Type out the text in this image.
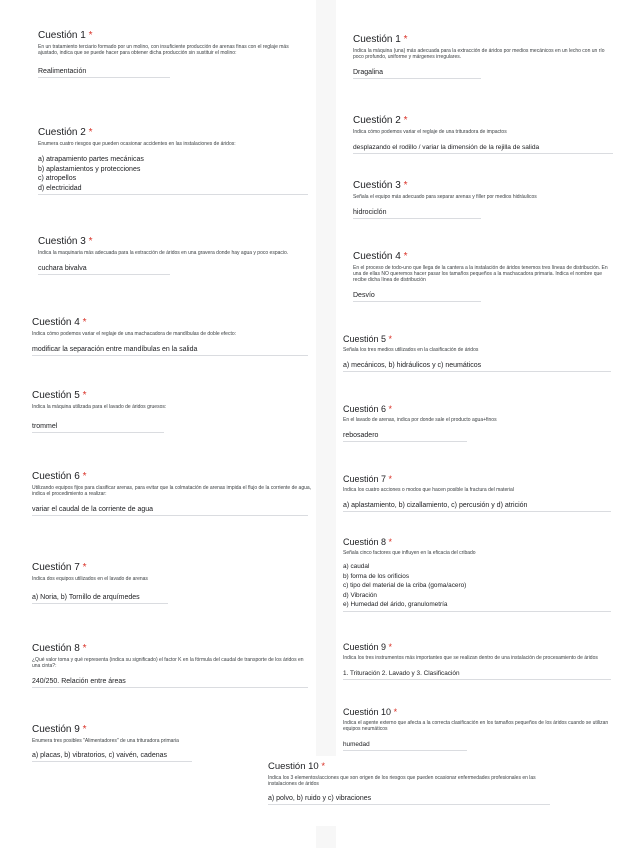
Cuestión 1 *
En un tratamiento terciario formado por un molino, con insuficiente producción de arenas finas con el reglaje más ajustado, indica que se puede hacer para obtener dicha producción sin sustituir el molino:
Realimentación
Cuestión 2 *
Enumera cuatro riesgos que pueden ocasionar accidentes en las instalaciones de áridos:
a) atrapamiento partes mecánicas
b) aplastamientos y protecciones
c) atropellos
d) electricidad
Cuestión 3 *
Indica la maquinaria más adecuada para la extracción de áridos en una gravera donde hay agua y poco espacio.
cuchara bivalva
Cuestión 4 *
Indica cómo podemos variar el reglaje de una machacadora de mandíbulas de doble efecto:
modificar la separación entre mandíbulas en la salida
Cuestión 5 *
Indica la máquina utilizada para el lavado de áridos gruesos:
trommel
Cuestión 6 *
Utilizando equipos fijos para clasificar arenas, para evitar que la colmatación de arenas impida el flujo de la corriente de agua, indica el procedimiento a realizar:
variar el caudal de la corriente de agua
Cuestión 7 *
Indica dos equipos utilizados en el lavado de arenas
a) Noria, b) Tornillo de arquímedes
Cuestión 8 *
¿Qué valor toma y qué representa (indica su significado) el factor K en la fórmula del caudal de transporte de los áridos en una cinta?:
240/250. Relación entre áreas
Cuestión 9 *
Enumera tres posibles "Alimentadores" de una trituradora primaria
a) placas, b) vibratorios, c) vaivén, cadenas
Cuestión 1 *
Indica la máquina (una) más adecuada para la extracción de áridos por medios mecánicos en un lecho con un río poco profundo, uniforme y márgenes irregulares.
Dragalina
Cuestión 2 *
Indica cómo podemos variar el reglaje de una trituradora de impactos
desplazando el rodillo / variar la dimensión de la rejilla de salida
Cuestión 3 *
Señala el equipo más adecuado para separar arenas y filler por medios hidráulicos
hidrociclón
Cuestión 4 *
En el proceso de todo-uno que llega de la cantera a la instalación de áridos tenemos tres líneas de distribución. En una de ellas NO queremos hacer pasar los tamaños pequeños a la machacadora primaria. Indica el nombre que recibe dicha línea de distribución
Desvío
Cuestión 5 *
Señala los tres medios utilizados en la clasificación de áridos
a) mecánicos, b) hidráulicos y c) neumáticos
Cuestión 6 *
En el lavado de arenas, indica por donde sale el producto agua+finos
rebosadero
Cuestión 7 *
Indica los cuatro acciones o modos que hacen posible la fractura del material
a) aplastamiento, b) cizallamiento, c) percusión y d) atrición
Cuestión 8 *
Señala cinco factores que influyen en la eficacia del cribado
a) caudal
b) forma de los orificios
c) tipo del material de la criba (goma/acero)
d) Vibración
e) Humedad del árido, granulometría
Cuestión 9 *
Indica los tres instrumentos más importantes que se realizan dentro de una instalación de procesamiento de áridos
1. Trituración 2. Lavado y 3. Clasificación
Cuestión 10 *
Indica el agente externo que afecta a la correcta clasificación en los tamaños pequeños de los áridos cuando se utilizan equipos neumáticos
humedad
Cuestión 10 *
Indica los 3 elementos/acciones que son origen de los riesgos que pueden ocasionar enfermedades profesionales en las instalaciones de áridos
a) polvo, b) ruido y c) vibraciones
